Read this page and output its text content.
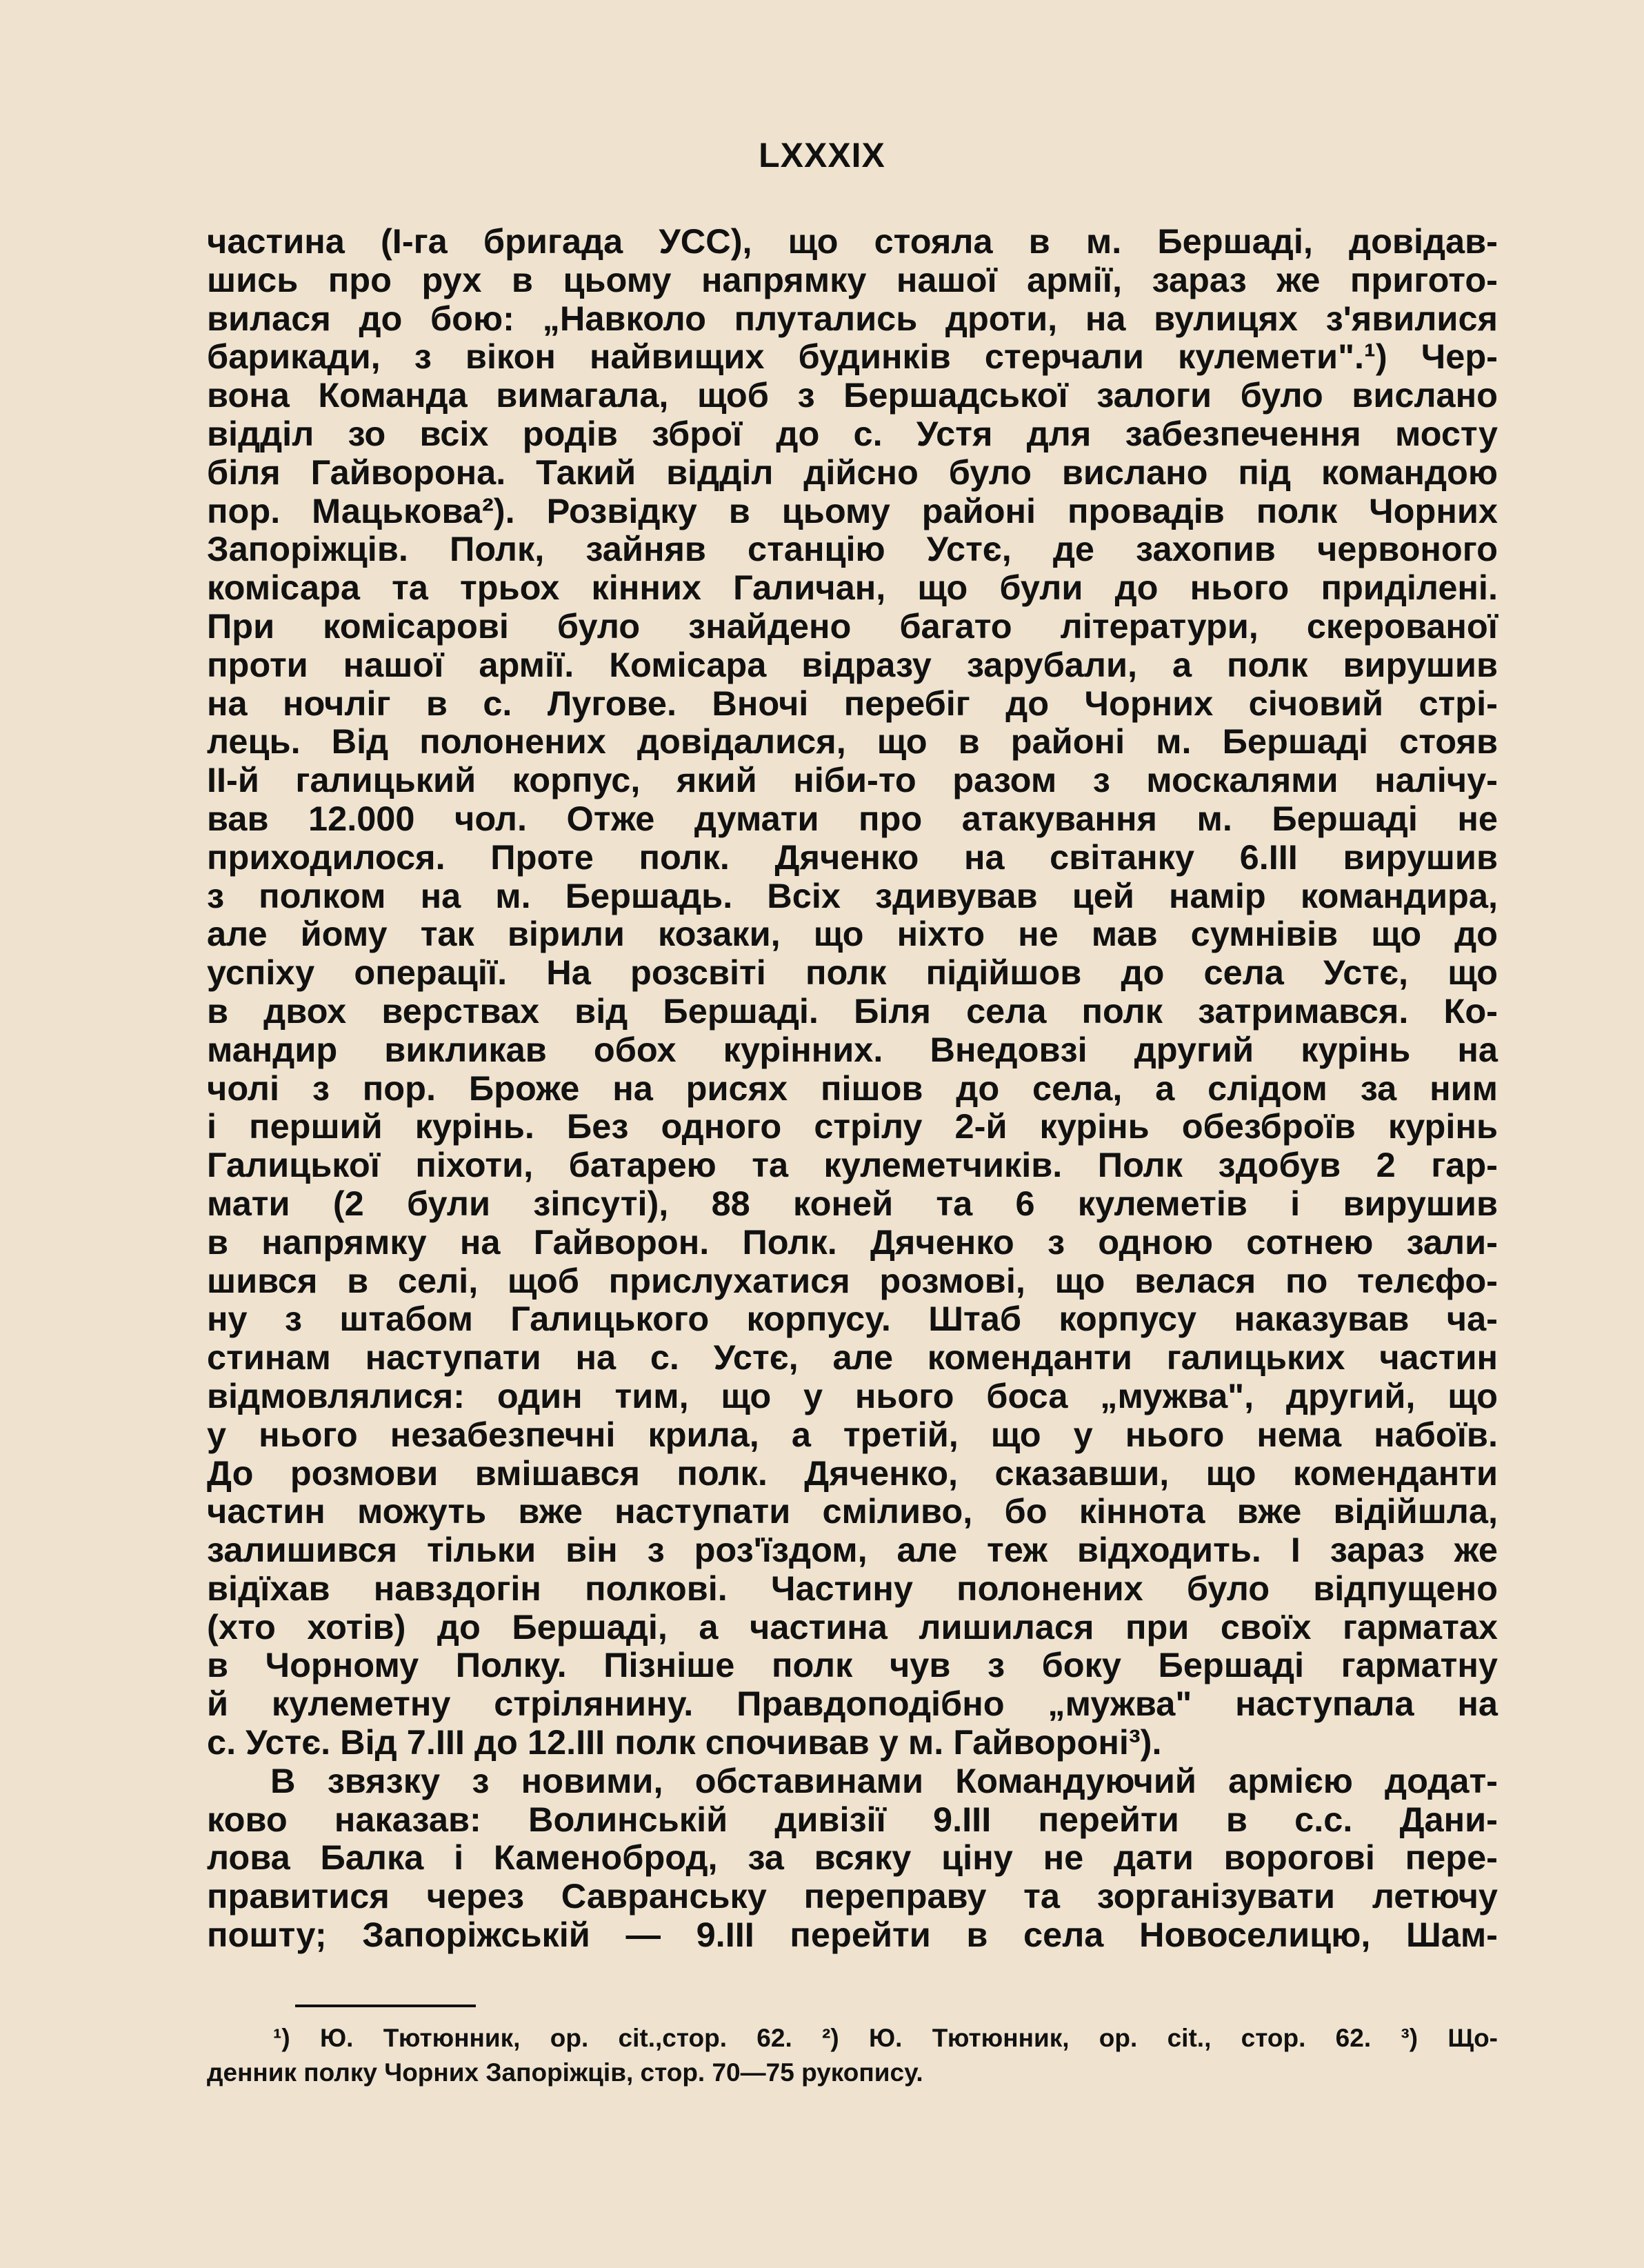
LXXXIX
частина (І-га бригада УСС), що стояла в м. Бершаді, довідав-
шись про рух в цьому напрямку нашої армії, зараз же пригото-
вилася до бою: „Навколо плутались дроти, на вулицях з'явилися
барикади, з вікон найвищих будинків стерчали кулемети".¹) Чер-
вона Команда вимагала, щоб з Бершадської залоги було вислано
відділ зо всіх родів зброї до с. Устя для забезпечення мосту
біля Гайворона. Такий відділ дійсно було вислано під командою
пор. Мацькова²). Розвідку в цьому районі провадів полк Чорних
Запоріжців. Полк, зайняв станцію Устє, де захопив червоного
комісара та трьох кінних Галичан, що були до нього приділені.
При комісарові було знайдено багато літератури, скерованої
проти нашої армії. Комісара відразу зарубали, а полк вирушив
на ночліг в с. Лугове. Вночі перебіг до Чорних січовий стрі-
лець. Від полонених довідалися, що в районі м. Бершаді стояв
ІІ-й галицький корпус, який ніби-то разом з москалями налічу-
вав 12.000 чол. Отже думати про атакування м. Бершаді не
приходилося. Проте полк. Дяченко на світанку 6.ІІІ вирушив
з полком на м. Бершадь. Всіх здивував цей намір командира,
але йому так вірили козаки, що ніхто не мав сумнівів що до
успіху операції. На розсвіті полк підійшов до села Устє, що
в двох верствах від Бершаді. Біля села полк затримався. Ко-
мандир викликав обох курінних. Внедовзі другий курінь на
чолі з пор. Броже на рисях пішов до села, а слідом за ним
і перший курінь. Без одного стрілу 2-й курінь обезброїв курінь
Галицької піхоти, батарею та кулеметчиків. Полк здобув 2 гар-
мати (2 були зіпсуті), 88 коней та 6 кулеметів і вирушив
в напрямку на Гайворон. Полк. Дяченко з одною сотнею зали-
шився в селі, щоб прислухатися розмові, що велася по телєфо-
ну з штабом Галицького корпусу. Штаб корпусу наказував ча-
стинам наступати на с. Устє, але коменданти галицьких частин
відмовлялися: один тим, що у нього боса „мужва", другий, що
у нього незабезпечні крила, а третій, що у нього нема набоїв.
До розмови вмішався полк. Дяченко, сказавши, що коменданти
частин можуть вже наступати сміливо, бо кіннота вже відійшла,
залишився тільки він з роз'їздом, але теж відходить. І зараз же
відїхав навздогін полкові. Частину полонених було відпущено
(хто хотів) до Бершаді, а частина лишилася при своїх гарматах
в Чорному Полку. Пізніше полк чув з боку Бершаді гарматну
й кулеметну стрілянину. Правдоподібно „мужва" наступала на
с. Устє. Від 7.ІІІ до 12.ІІІ полк спочивав у м. Гайвороні³).
В звязку з новими, обставинами Командуючий армією додат-
ково наказав: Волинській дивізії 9.ІІІ перейти в с.с. Дани-
лова Балка і Каменоброд, за всяку ціну не дати ворогові пере-
правитися через Савранську переправу та зорганізувати летючу
пошту; Запоріжській — 9.ІІІ перейти в села Новоселицю, Шам-
¹) Ю. Тютюнник, ор. cit.,стор. 62. ²) Ю. Тютюнник, ор. cit., стор. 62. ³) Що-
денник полку Чорних Запоріжців, стор. 70—75 рукопису.
